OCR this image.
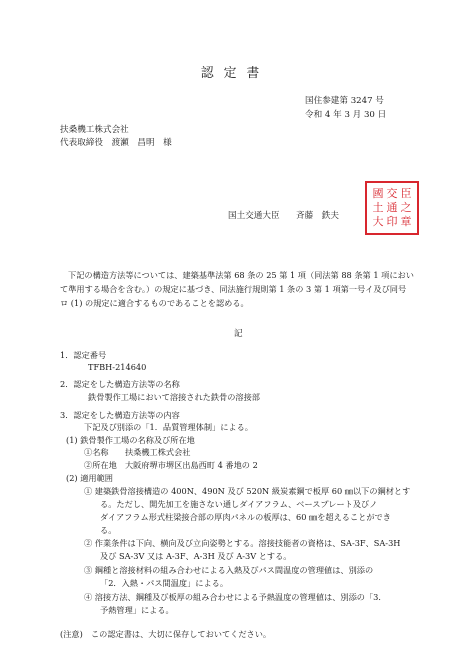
認定書
国住参建第 3247 号
令和 4 年 3 月 30 日
扶桑機工株式会社
代表取締役　渡瀬　昌明　様
國 交 臣
土 通 之
大 印 章
国土交通大臣 斉藤　鉄夫
下記の構造方法等については、建築基準法第 68 条の 25 第 1 項（同法第 88 条第 1 項におい
て準用する場合を含む。）の規定に基づき、同法施行規則第 1 条の 3 第 1 項第一号イ及び同号
ロ (1) の規定に適合するものであることを認める。
記
1．認定番号
TFBH-214640
2．認定をした構造方法等の名称
鉄骨製作工場において溶接された鉄骨の溶接部
3．認定をした構造方法等の内容
下記及び別添の「1．品質管理体制」による。
(1) 鉄骨製作工場の名称及び所在地
①名称　　扶桑機工株式会社
②所在地　大阪府堺市堺区出島西町 4 番地の 2
(2) 適用範囲
① 建築鉄骨溶接構造の 400N、490N 及び 520N 級炭素鋼で板厚 60 ㎜以下の鋼材とす
る。ただし、開先加工を施さない通しダイアフラム、ベースプレート及びノ
ダイアフラム形式柱梁接合部の厚肉パネルの板厚は、60 ㎜を超えることができ
る。
② 作業条件は下向、横向及び立向姿勢とする。溶接技能者の資格は、SA-3F、SA-3H
及び SA-3V 又は A-3F、A-3H 及び A-3V とする。
③ 鋼種と溶接材料の組み合わせによる入熱及びパス間温度の管理値は、別添の
「2．入熱・パス間温度」による。
④ 溶接方法、鋼種及び板厚の組み合わせによる予熱温度の管理値は、別添の「3．
予熱管理」による。
(注意)　この認定書は、大切に保存しておいてください。
